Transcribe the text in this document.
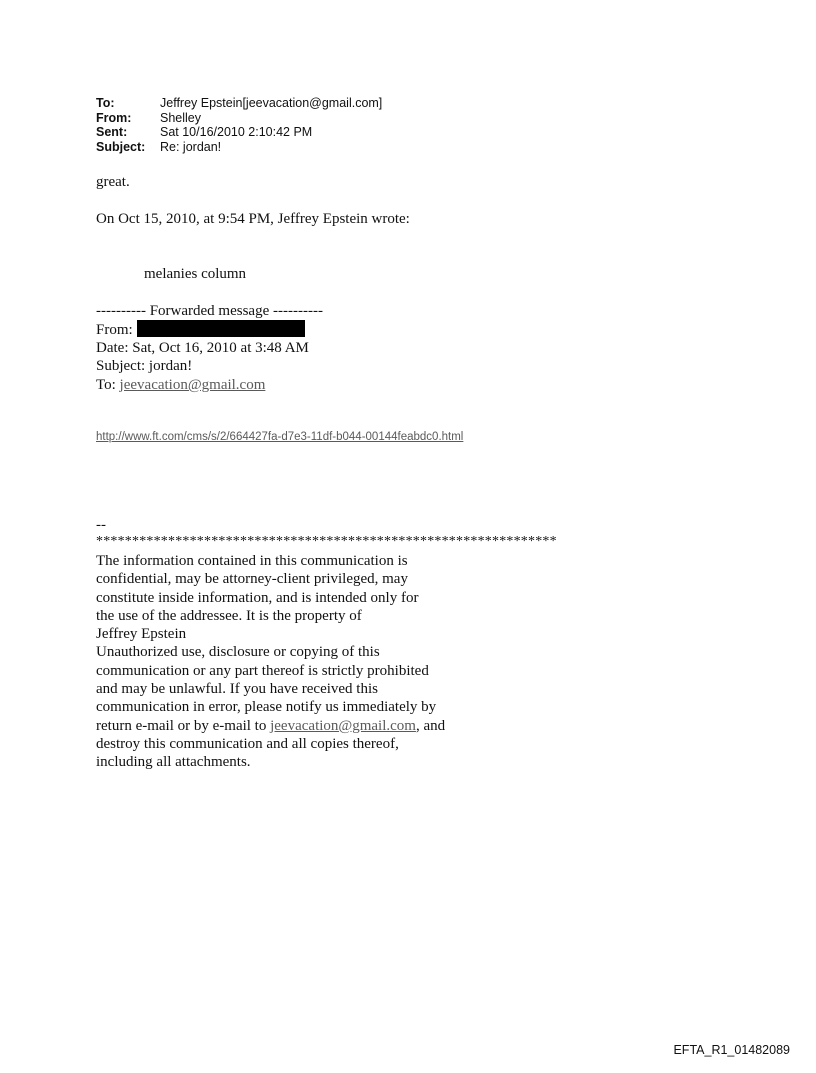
To:	Jeffrey Epstein[jeevacation@gmail.com]
From:	Shelley
Sent:	Sat 10/16/2010 2:10:42 PM
Subject:	Re: jordan!
great.
On Oct 15, 2010, at 9:54 PM, Jeffrey Epstein wrote:
melanies column
---------- Forwarded message ----------
From:
Date: Sat, Oct 16, 2010 at 3:48 AM
Subject: jordan!
To: jeevacation@gmail.com
http://www.ft.com/cms/s/2/664427fa-d7e3-11df-b044-00144feabdc0.html
--
****************************************************************
The information contained in this communication is
confidential, may be attorney-client privileged, may
constitute inside information, and is intended only for
the use of the addressee. It is the property of
Jeffrey Epstein
Unauthorized use, disclosure or copying of this
communication or any part thereof is strictly prohibited
and may be unlawful. If you have received this
communication in error, please notify us immediately by
return e-mail or by e-mail to jeevacation@gmail.com, and
destroy this communication and all copies thereof,
including all attachments.
EFTA_R1_01482089
